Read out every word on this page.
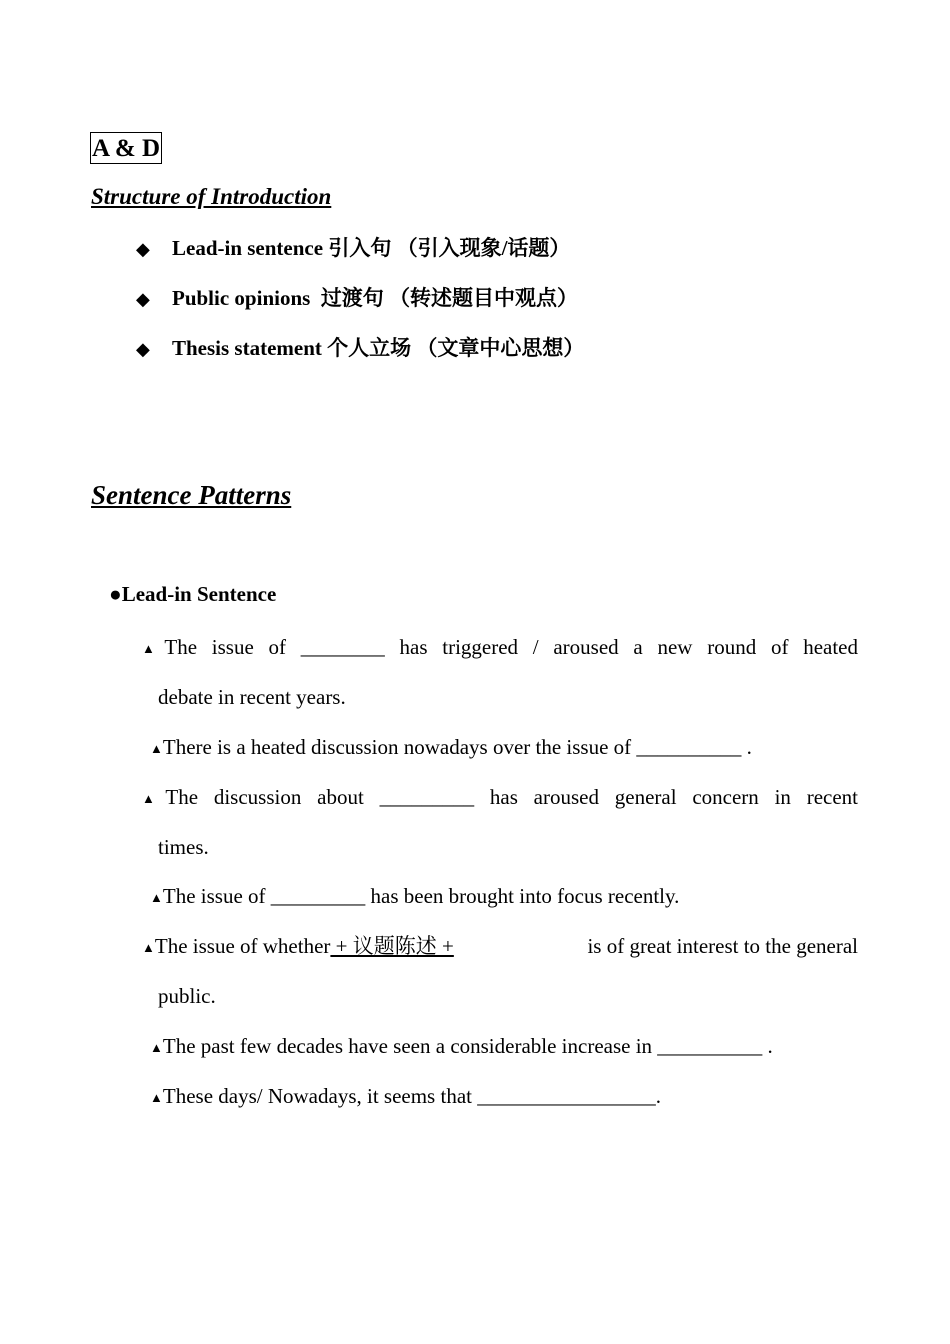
A & D
Structure of Introduction
◆ Lead-in sentence 引入句 （引入现象/话题）
◆ Public opinions 过渡句 （转述题目中观点）
◆ Thesis statement 个人立场 （文章中心思想）
Sentence Patterns
●Lead-in Sentence
▲The issue of ________ has triggered / aroused a new round of heated
debate in recent years.
▲There is a heated discussion nowadays over the issue of __________ .
▲The discussion about _________ has aroused general concern in recent
times.
▲The issue of _________ has been brought into focus recently.
▲The issue of whether + 议题陈述 +	is of great interest to the general
public.
▲The past few decades have seen a considerable increase in __________ .
▲These days/ Nowadays, it seems that _________________.
